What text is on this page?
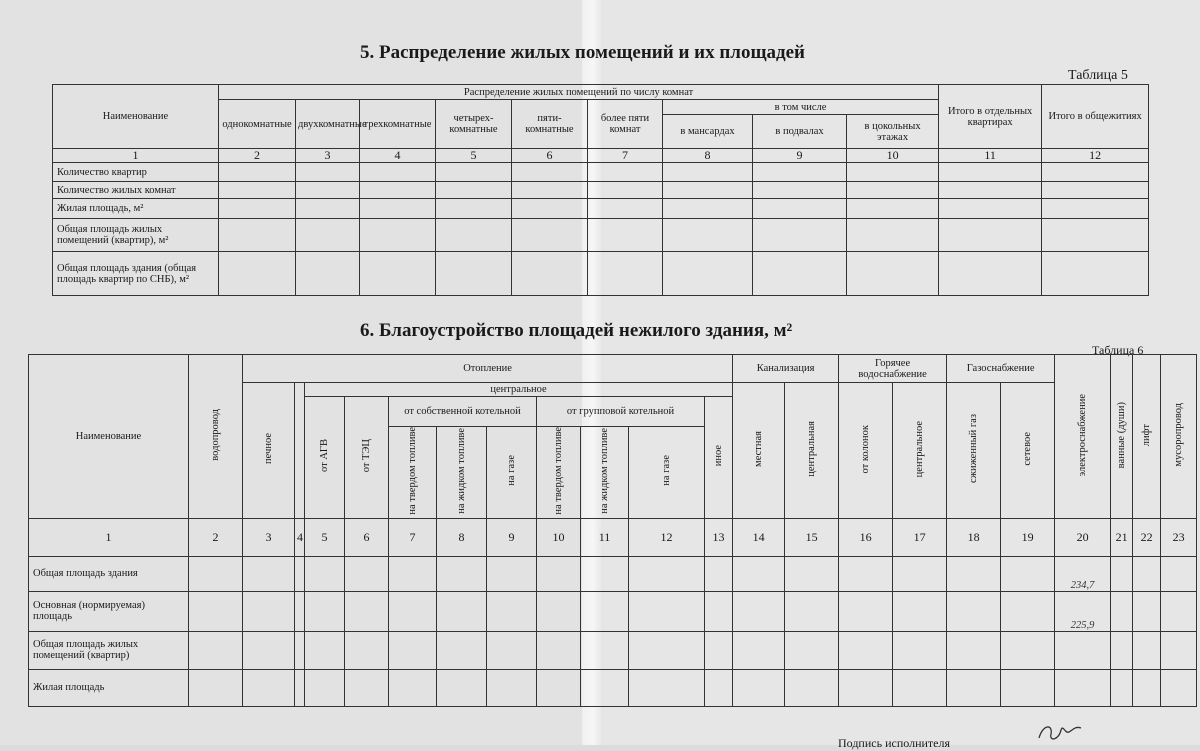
5. Распределение жилых помещений и их площадей
Таблица 5
Наименование	Распределение жилых помещений по числу комнат									Итого в отдельных квартирах	Итого в общежитиях
	однокомнатные	двухкомнатные	трехкомнатные	четырех-комнатные	пяти-комнатные	более пяти комнат	в том числе				
							в мансардах	в подвалах	в цокольных этажах		
1	2	3	4	5	6	7	8	9	10	11	12
Количество квартир											
Количество жилых комнат											
Жилая площадь, м²											
Общая площадь жилых помещений (квартир), м²											
Общая площадь здания (общая площадь квартир по СНБ), м²											
6. Благоустройство площадей нежилого здания, м²
Таблица 6
Наименование	водопровод	Отопление											Канализация		Горячее водоснабжение		Газоснабжение		электроснабжение	ванные (души)	лифт	мусоропровод
		печное		центральное									местная	центральная	от колонок	центральное	сжиженный газ	сетевое				
				от АГВ	от ТЭЦ	от собственной котельной			от групповой котельной			иное										
						на твердом топливе	на жидком топливе	на газе	на твердом топливе	на жидком топливе	на газе											

1	2	3	4	5	6	7	8	9	10	11	12	13	14	15	16	17	18	19	20	21	22	23
Общая площадь здания																			234,7			
Основная (нормируемая) площадь																			225,9			
Общая площадь жилых помещений (квартир)																						
Жилая площадь																						
Подпись исполнителя
